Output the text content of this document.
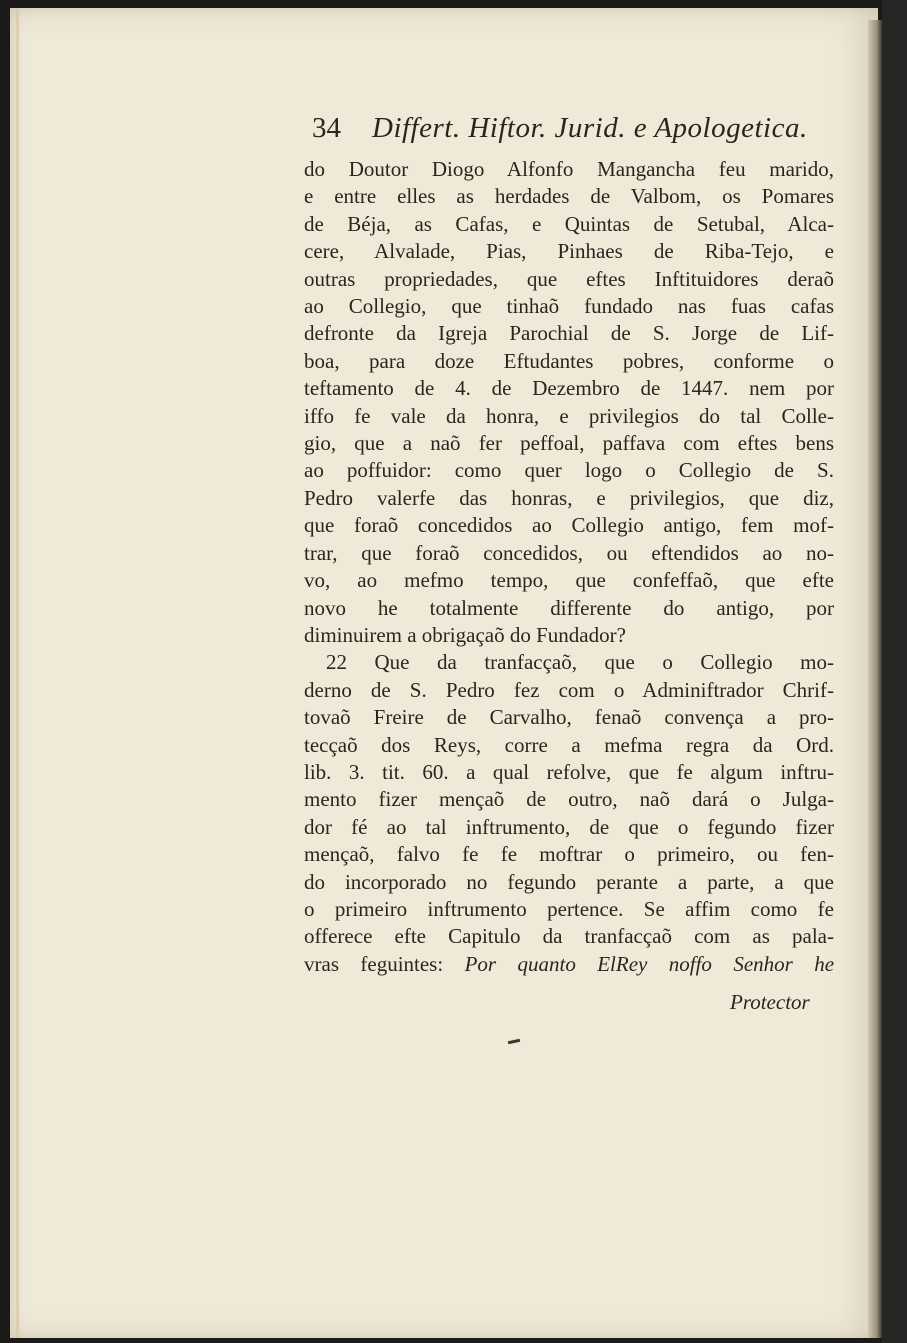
34 Differt. Hiftor. Jurid. e Apologetica.
do Doutor Diogo Alfonfo Mangancha feu marido,
e entre elles as herdades de Valbom, os Pomares
de Béja, as Cafas, e Quintas de Setubal, Alca-
cere, Alvalade, Pias, Pinhaes de Riba-Tejo, e
outras propriedades, que eftes Inftituidores deraõ
ao Collegio, que tinhaõ fundado nas fuas cafas
defronte da Igreja Parochial de S. Jorge de Lif-
boa, para doze Eftudantes pobres, conforme o
teftamento de 4. de Dezembro de 1447. nem por
iffo fe vale da honra, e privilegios do tal Colle-
gio, que a naõ fer peffoal, paffava com eftes bens
ao poffuidor: como quer logo o Collegio de S.
Pedro valerfe das honras, e privilegios, que diz,
que foraõ concedidos ao Collegio antigo, fem mof-
trar, que foraõ concedidos, ou eftendidos ao no-
vo, ao mefmo tempo, que confeffaõ, que efte
novo he totalmente differente do antigo, por
diminuirem a obrigaçaõ do Fundador?
22 Que da tranfacçaõ, que o Collegio mo-
derno de S. Pedro fez com o Adminiftrador Chrif-
tovaõ Freire de Carvalho, fenaõ convença a pro-
tecçaõ dos Reys, corre a mefma regra da Ord.
lib. 3. tit. 60. a qual refolve, que fe algum inftru-
mento fizer mençaõ de outro, naõ dará o Julga-
dor fé ao tal inftrumento, de que o fegundo fizer
mençaõ, falvo fe fe moftrar o primeiro, ou fen-
do incorporado no fegundo perante a parte, a que
o primeiro inftrumento pertence. Se affim como fe
offerece efte Capitulo da tranfacçaõ com as pala-
vras feguintes: Por quanto ElRey noffo Senhor he
Protector
